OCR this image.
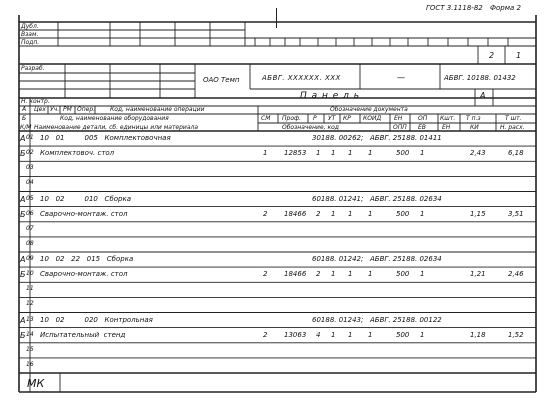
ГОСТ 3.1118-82 Форма 2
Дубл.
Взам.
Подп.
2	1
Разраб.
Н. контр.
ОАО Темп	АБВГ. XXXXXX. XXX	—	АБВГ. 10188. 01432
П а н е л ь	А
А Цех Уч. РМ Опер. Код, наименование операции	Обозначение документа
Б	Код, наименование оборудования	СМ Проф. Р УТ КР КОИД ЕН	ОП Кшт. Т п.з	Т шт.
К/М Наименование детали, сб. единицы или материала	Обозначение, код	ОПП ЕВ	ЕН	КИ	Н. расх.
А 01 10   01         005   Комплектовочная	30188. 00262;   АБВГ. 25188. 01411
Б 02 Комплектовоч. стол	1 12853 1 1 1 1	500 1	2,43	6,18
03
04
А 05 10   02         010   Сборка	60188. 01241;   АБВГ. 25188. 02634
Б 06 Сварочно-монтаж. стол	2 18466 2 1 1 1	500 1	1,15	3,51
07
08
А 09 10   02   22   015   Сборка	60188. 01242;   АБВГ. 25188. 02634
Б 10 Сварочно-монтаж. стол	2 18466 2 1 1 1	500 1	1,21	2,46
11
12
А 13 10   02         020   Контрольная	60188. 01243;   АБВГ. 25188. 00122
Б 14 Испытательный  стенд	2 13063 4 1 1 1	500 1	1,18	1,52
15
16
МК
